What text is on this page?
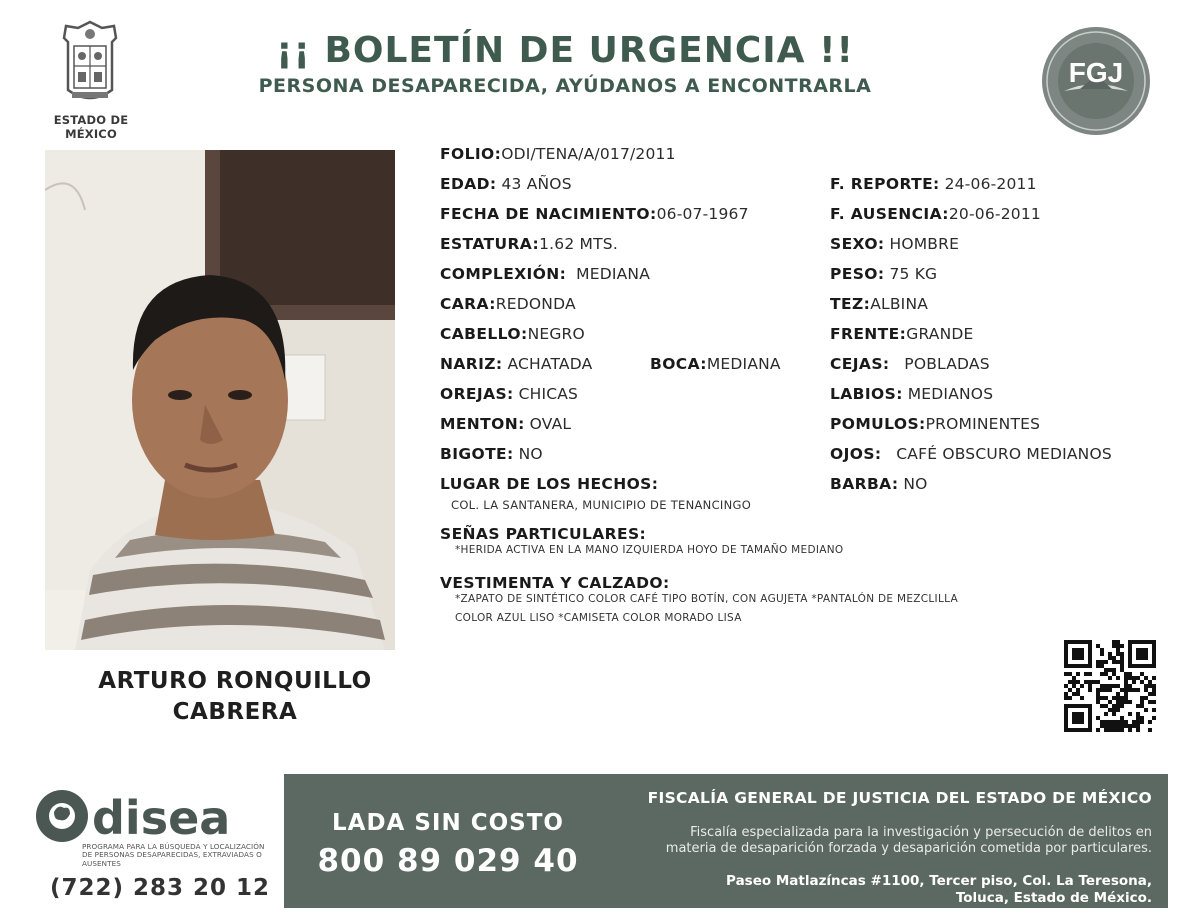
ESTADO DE MÉXICO
¡¡ BOLETÍN DE URGENCIA !!
PERSONA DESAPARECIDA, AYÚDANOS A ENCONTRARLA	FGJ
ARTURO RONQUILLO
CABRERA
FOLIO:ODI/TENA/A/017/2011
EDAD: 43 AÑOS
FECHA DE NACIMIENTO:06-07-1967
ESTATURA:1.62 MTS.
COMPLEXIÓN: MEDIANA
CARA:REDONDA
CABELLO:NEGRO
NARIZ: ACHATADA	BOCA:MEDIANA
OREJAS: CHICAS
MENTON: OVAL
BIGOTE: NO
LUGAR DE LOS HECHOS:
COL. LA SANTANERA, MUNICIPIO DE TENANCINGO
SEÑAS PARTICULARES:
*HERIDA ACTIVA EN LA MANO IZQUIERDA HOYO DE TAMAÑO MEDIANO
VESTIMENTA Y CALZADO:
*ZAPATO DE SINTÉTICO COLOR CAFÉ TIPO BOTÍN, CON AGUJETA *PANTALÓN DE MEZCLILLA
COLOR AZUL LISO *CAMISETA COLOR MORADO LISA
F. REPORTE: 24-06-2011
F. AUSENCIA:20-06-2011
SEXO: HOMBRE
PESO: 75 KG
TEZ:ALBINA
FRENTE:GRANDE
CEJAS: POBLADAS
LABIOS: MEDIANOS
POMULOS:PROMINENTES
OJOS: CAFÉ OBSCURO MEDIANOS
BARBA: NO
disea
PROGRAMA PARA LA BÚSQUEDA Y LOCALIZACIÓN DE PERSONAS DESAPARECIDAS, EXTRAVIADAS O AUSENTES
(722) 283 20 12
LADA SIN COSTO
800 89 029 40
FISCALÍA GENERAL DE JUSTICIA DEL ESTADO DE MÉXICO
Fiscalía especializada para la investigación y persecución de delitos en
materia de desaparición forzada y desaparición cometida por particulares.
Paseo Matlazíncas #1100, Tercer piso, Col. La Teresona,
Toluca, Estado de México.
